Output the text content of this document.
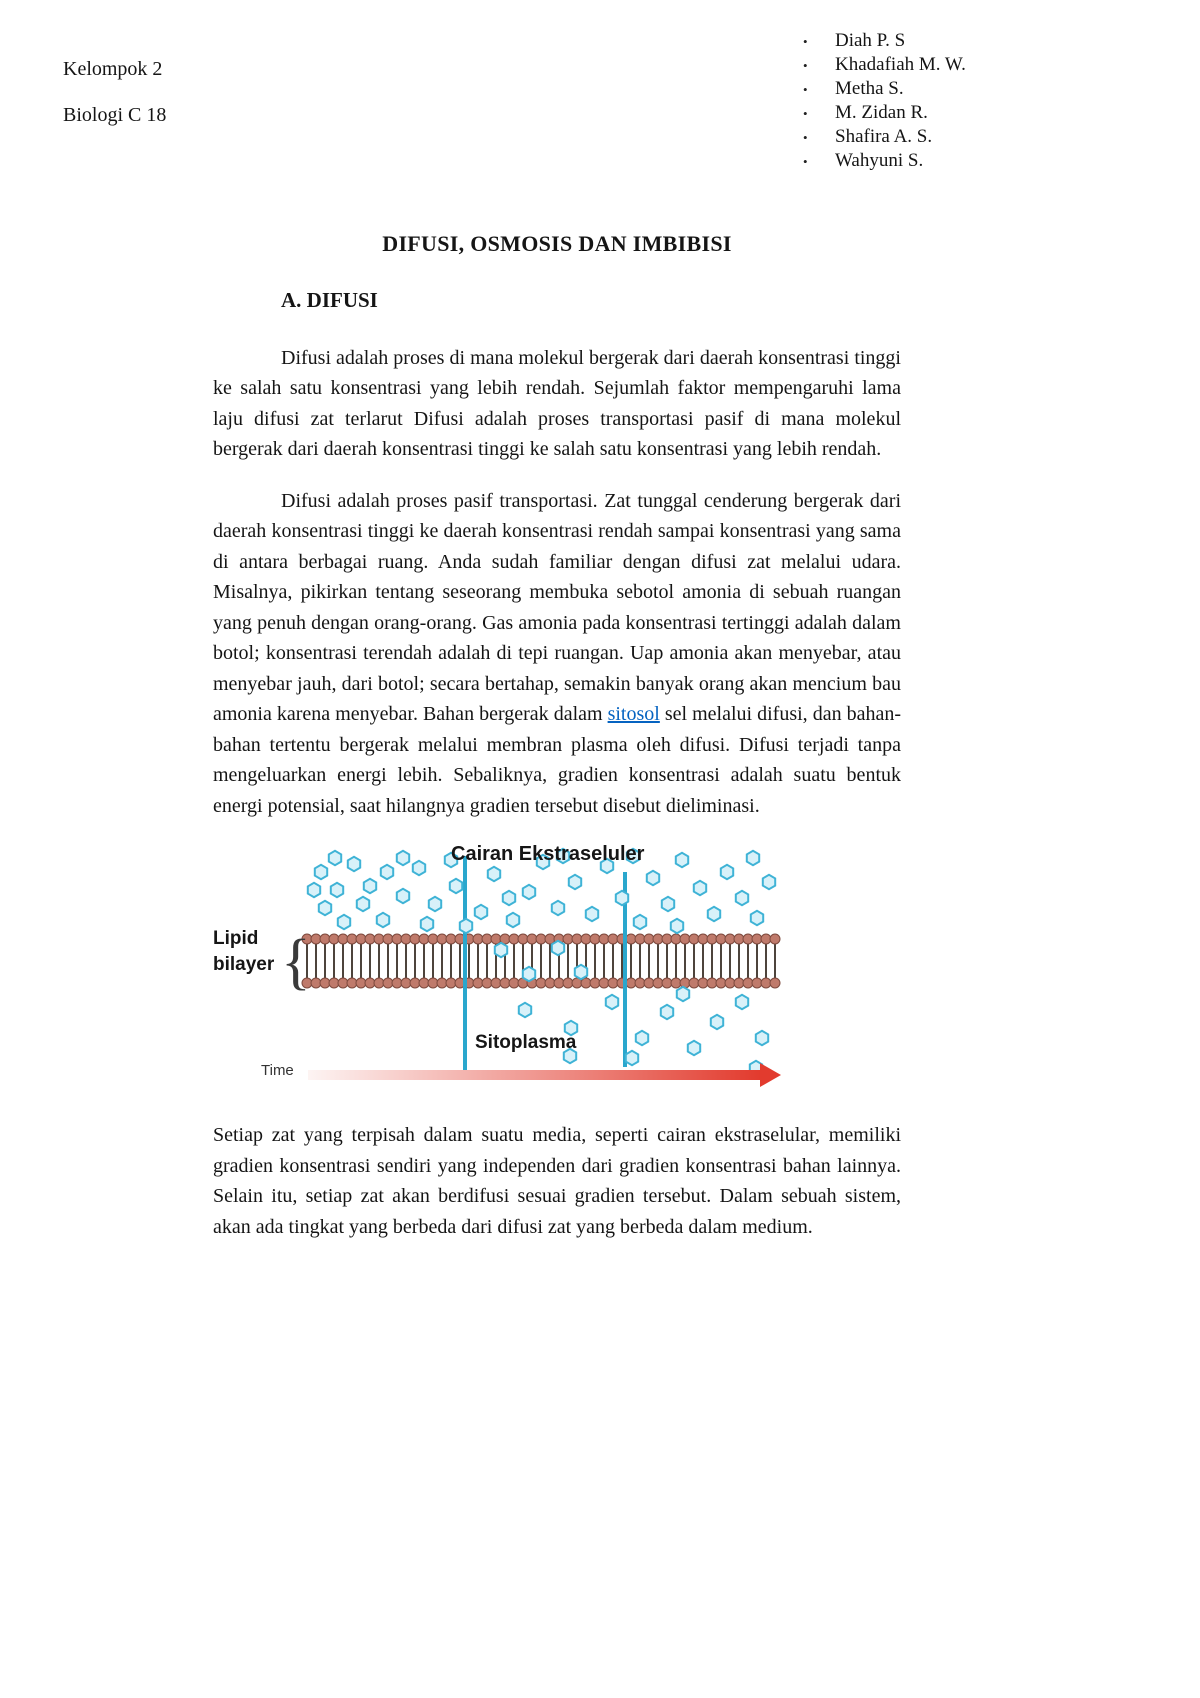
Kelompok 2
Biologi C 18
•	Diah P. S
•	Khadafiah M. W.
•	Metha S.
•	M. Zidan R.
•	Shafira A. S.
•	Wahyuni S.
DIFUSI, OSMOSIS DAN IMBIBISI
A. DIFUSI

Difusi adalah proses di mana molekul bergerak dari daerah konsentrasi tinggi ke salah satu konsentrasi yang lebih rendah. Sejumlah faktor mempengaruhi lama laju difusi zat terlarut Difusi adalah proses transportasi pasif di mana molekul bergerak dari daerah konsentrasi tinggi ke salah satu konsentrasi yang lebih rendah.

Difusi adalah proses pasif transportasi. Zat tunggal cenderung bergerak dari daerah konsentrasi tinggi ke daerah konsentrasi rendah sampai konsentrasi yang sama di antara berbagai ruang. Anda sudah familiar dengan difusi zat melalui udara. Misalnya, pikirkan tentang seseorang membuka sebotol amonia di sebuah ruangan yang penuh dengan orang-orang. Gas amonia pada konsentrasi tertinggi adalah dalam botol; konsentrasi terendah adalah di tepi ruangan. Uap amonia akan menyebar, atau menyebar jauh, dari botol; secara bertahap, semakin banyak orang akan mencium bau amonia karena menyebar. Bahan bergerak dalam sitosol sel melalui difusi, dan bahan-bahan tertentu bergerak melalui membran plasma oleh difusi. Difusi terjadi tanpa mengeluarkan energi lebih. Sebaliknya, gradien konsentrasi adalah suatu bentuk energi potensial, saat hilangnya gradien tersebut disebut dieliminasi.

{
Cairan Ekstraseluler
Lipid
bilayer
Sitoplasma
Time

Setiap zat yang terpisah dalam suatu media, seperti cairan ekstraselular, memiliki gradien konsentrasi sendiri yang independen dari gradien konsentrasi bahan lainnya. Selain itu, setiap zat akan berdifusi sesuai gradien tersebut. Dalam sebuah sistem, akan ada tingkat yang berbeda dari difusi zat yang berbeda dalam medium.
